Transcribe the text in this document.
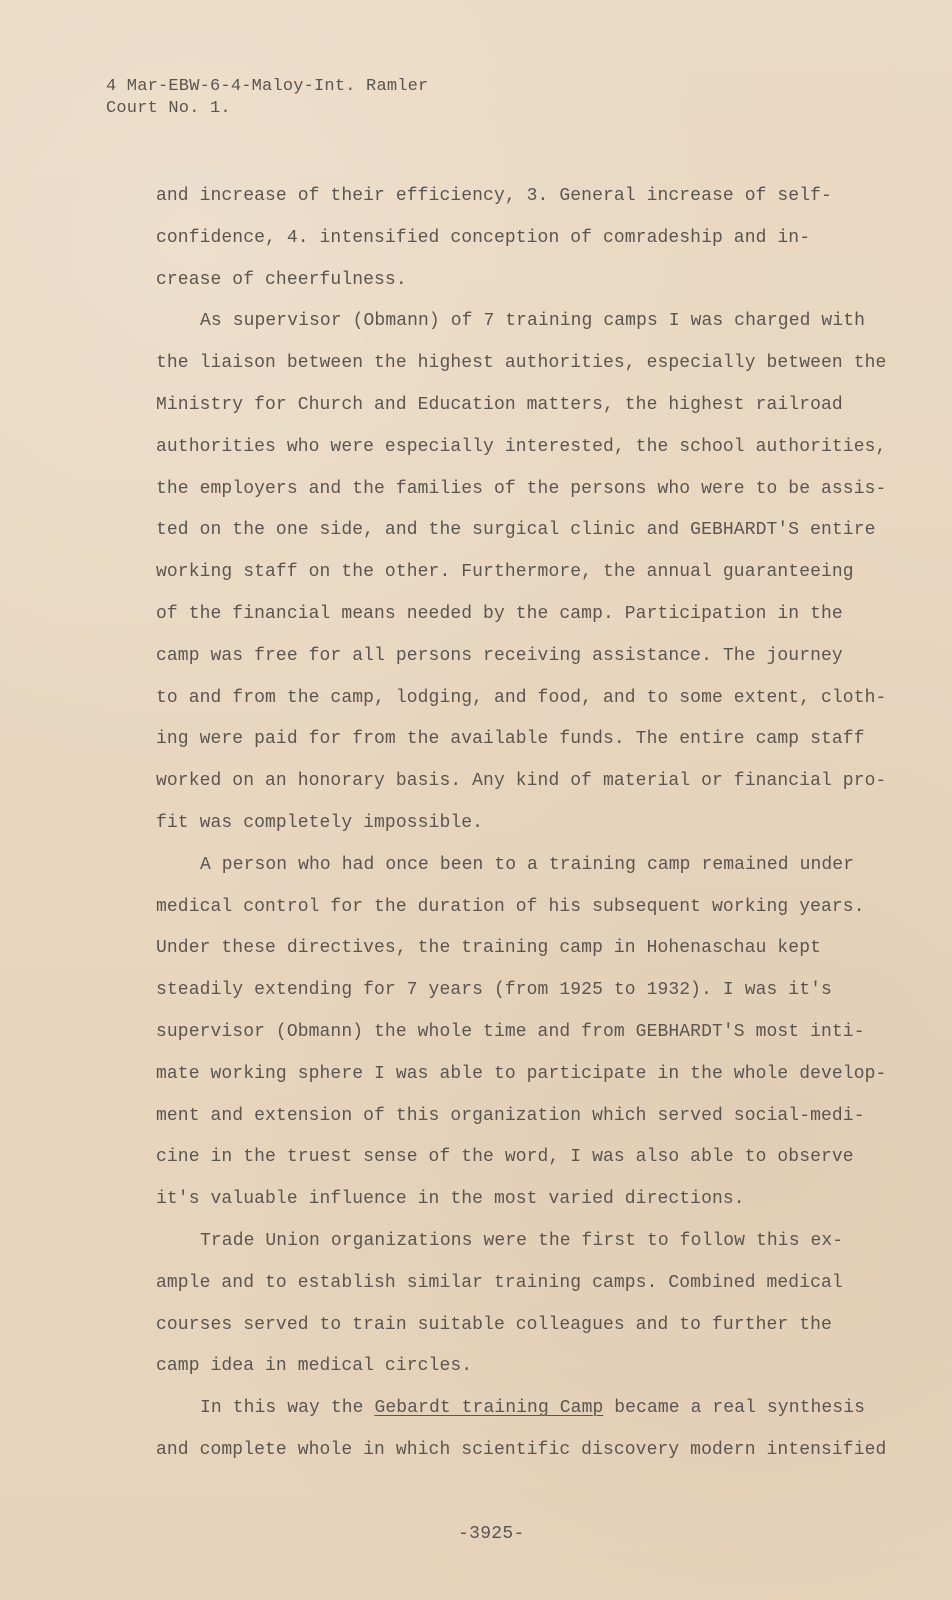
4 Mar-EBW-6-4-Maloy-Int. Ramler
Court No. 1.
and increase of their efficiency, 3. General increase of self-
confidence, 4. intensified conception of comradeship and in-
crease of cheerfulness.
As supervisor (Obmann) of 7 training camps I was charged with
the liaison between the highest authorities, especially between the
Ministry for Church and Education matters, the highest railroad
authorities who were especially interested, the school authorities,
the employers and the families of the persons who were to be assis-
ted on the one side, and the surgical clinic and GEBHARDT'S entire
working staff on the other. Furthermore, the annual guaranteeing
of the financial means needed by the camp. Participation in the
camp was free for all persons receiving assistance. The journey
to and from the camp, lodging, and food, and to some extent, cloth-
ing were paid for from the available funds. The entire camp staff
worked on an honorary basis. Any kind of material or financial pro-
fit was completely impossible.
A person who had once been to a training camp remained under
medical control for the duration of his subsequent working years.
Under these directives, the training camp in Hohenaschau kept
steadily extending for 7 years (from 1925 to 1932). I was it's
supervisor (Obmann) the whole time and from GEBHARDT'S most inti-
mate working sphere I was able to participate in the whole develop-
ment and extension of this organization which served social-medi-
cine in the truest sense of the word, I was also able to observe
it's valuable influence in the most varied directions.
Trade Union organizations were the first to follow this ex-
ample and to establish similar training camps. Combined medical
courses served to train suitable colleagues and to further the
camp idea in medical circles.
In this way the Gebardt training Camp became a real synthesis
and complete whole in which scientific discovery modern intensified
-3925-
